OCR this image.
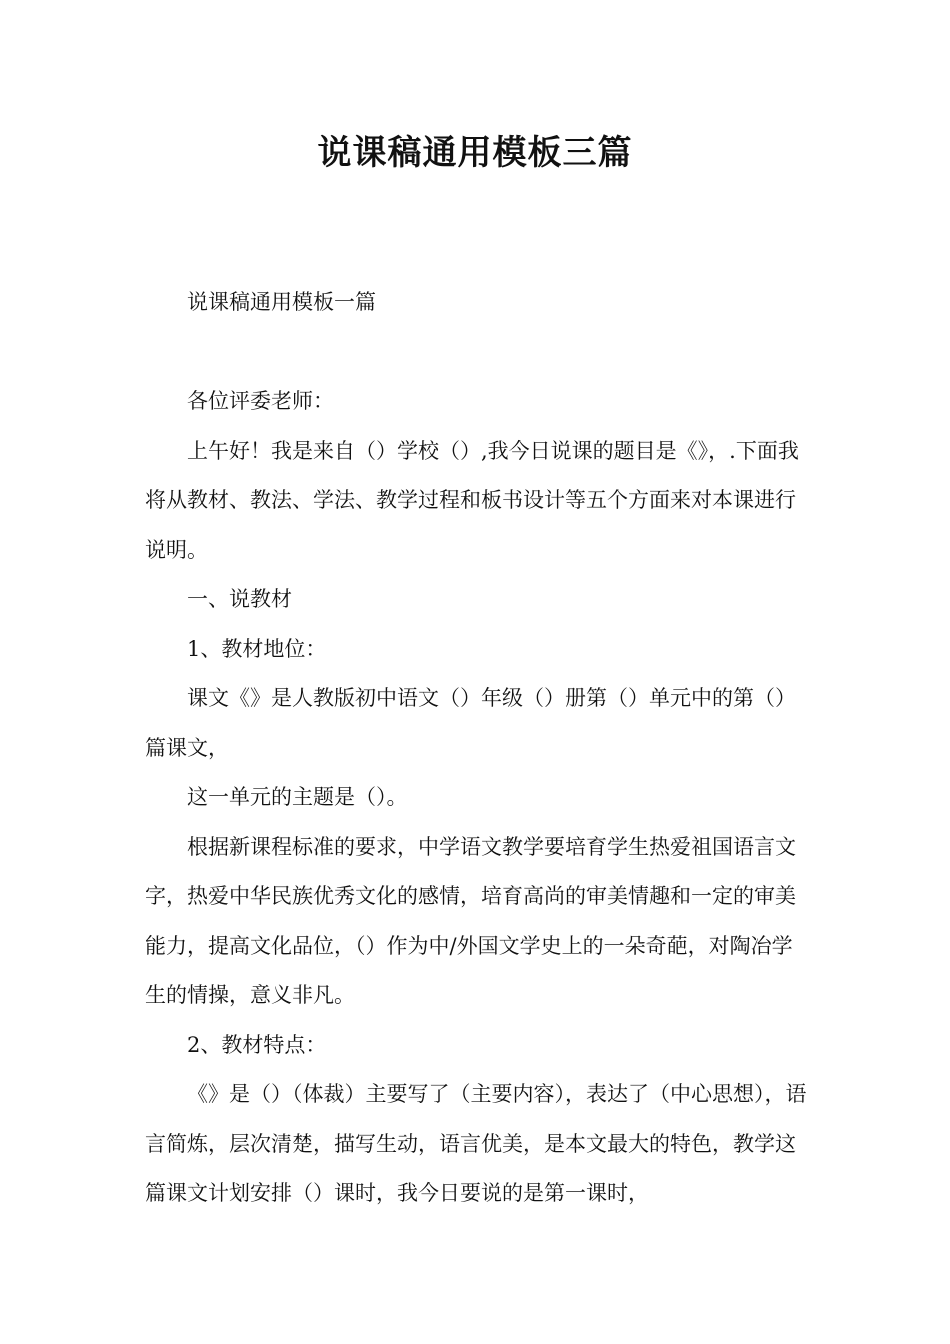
说课稿通用模板三篇

说课稿通用模板一篇

各位评委老师：

上午好！我是来自（）学校（）,我今日说课的题目是《》，.下面我将从教材、教法、学法、教学过程和板书设计等五个方面来对本课进行说明。

一、说教材

1、教材地位：

课文《》是人教版初中语文（）年级（）册第（）单元中的第（）篇课文，

这一单元的主题是（）。

根据新课程标准的要求，中学语文教学要培育学生热爱祖国语言文字，热爱中华民族优秀文化的感情，培育高尚的审美情趣和一定的审美能力，提高文化品位，（）作为中/外国文学史上的一朵奇葩，对陶冶学生的情操，意义非凡。

2、教材特点：

《》是（）（体裁）主要写了（主要内容），表达了（中心思想），语言简炼，层次清楚，描写生动，语言优美，是本文最大的特色，教学这篇课文计划安排（）课时，我今日要说的是第一课时，
